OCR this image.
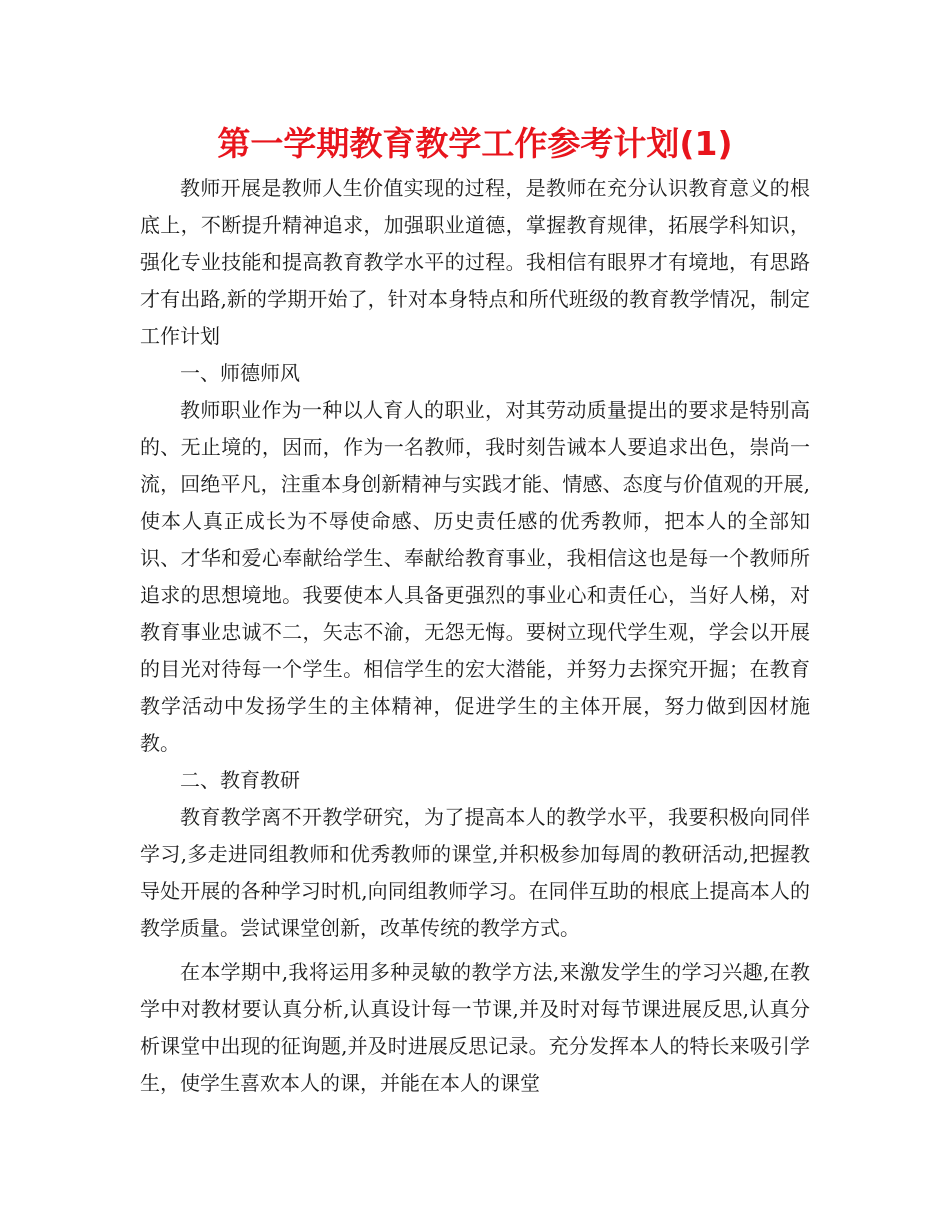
第一学期教育教学工作参考计划(1)

教师开展是教师人生价值实现的过程，是教师在充分认识教育意义的根底上，不断提升精神追求，加强职业道德，掌握教育规律，拓展学科知识，强化专业技能和提高教育教学水平的过程。我相信有眼界才有境地，有思路才有出路,新的学期开始了，针对本身特点和所代班级的教育教学情况，制定工作计划

一、师德师风

教师职业作为一种以人育人的职业，对其劳动质量提出的要求是特别高的、无止境的，因而，作为一名教师，我时刻告诫本人要追求出色，崇尚一流，回绝平凡，注重本身创新精神与实践才能、情感、态度与价值观的开展,使本人真正成长为不辱使命感、历史责任感的优秀教师，把本人的全部知识、才华和爱心奉献给学生、奉献给教育事业，我相信这也是每一个教师所追求的思想境地。我要使本人具备更强烈的事业心和责任心，当好人梯，对教育事业忠诚不二，矢志不渝，无怨无悔。要树立现代学生观，学会以开展的目光对待每一个学生。相信学生的宏大潜能，并努力去探究开掘；在教育教学活动中发扬学生的主体精神，促进学生的主体开展，努力做到因材施教。

二、教育教研

教育教学离不开教学研究，为了提高本人的教学水平，我要积极向同伴学习,多走进同组教师和优秀教师的课堂,并积极参加每周的教研活动,把握教导处开展的各种学习时机,向同组教师学习。在同伴互助的根底上提高本人的教学质量。尝试课堂创新，改革传统的教学方式。

在本学期中,我将运用多种灵敏的教学方法,来激发学生的学习兴趣,在教学中对教材要认真分析,认真设计每一节课,并及时对每节课进展反思,认真分析课堂中出现的征询题,并及时进展反思记录。充分发挥本人的特长来吸引学生，使学生喜欢本人的课，并能在本人的课堂
